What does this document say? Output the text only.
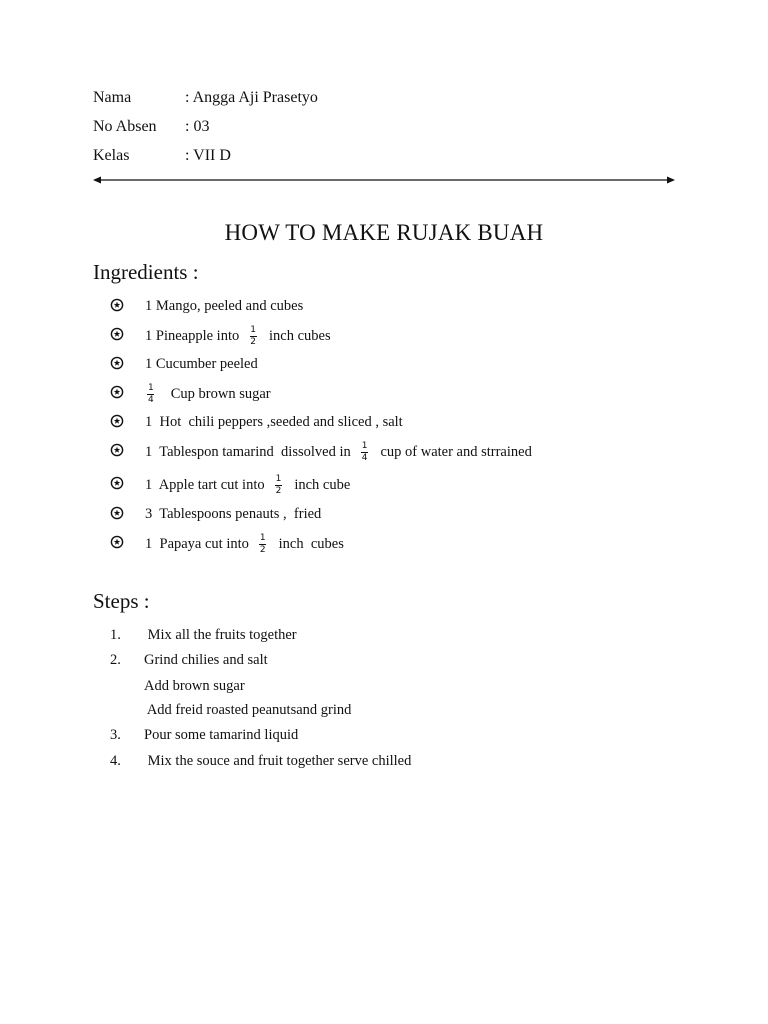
Nama	: Angga Aji Prasetyo
No Absen : 03
Kelas	: VII D
HOW TO MAKE RUJAK BUAH
Ingredients :
1 Mango, peeled and cubes
1 Pineapple into $\frac{1}{2}$ inch cubes
1 Cucumber peeled
$\frac{1}{4}$ Cup brown sugar
1  Hot  chili peppers ,seeded and sliced , salt
1  Tablespon tamarind  dissolved in $\frac{1}{4}$ cup of water and strrained
1  Apple tart cut into $\frac{1}{2}$ inch cube
3  Tablespoons penauts ,  fried
1  Papaya cut into $\frac{1}{2}$ inch  cubes
Steps :
1. Mix all the fruits together
2. Grind chilies and salt
Add brown sugar
Add freid roasted peanutsand grind
3. Pour some tamarind liquid
4. Mix the souce and fruit together serve chilled
